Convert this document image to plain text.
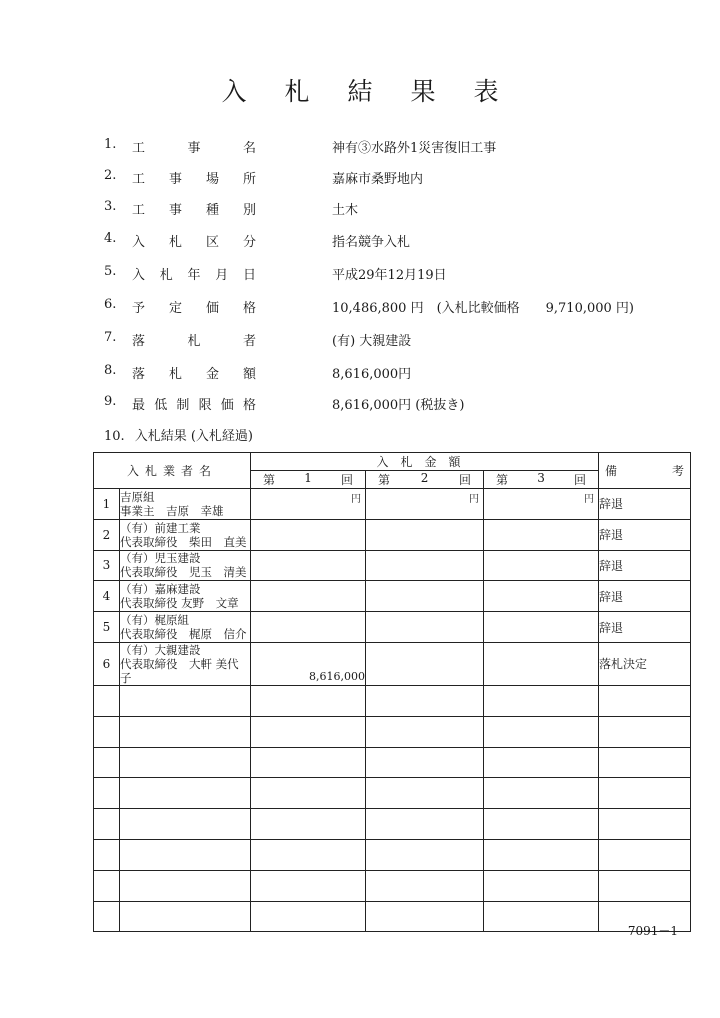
入札結果表
1.	工	事	名	神有③水路外1災害復旧工事
2.	工 事 場 所	嘉麻市桑野地内
3.	工 事 種 別	土木
4.	入 札 区 分	指名競争入札
5.	入 札 年 月 日	平成29年12月19日
6.	予 定 価 格	10,486,800 円　(入札比較価格　　9,710,000 円)
7.	落	札	者	(有) 大親建設
8.	落 札 金 額	8,616,000円
9.	最 低 制 限 価 格	8,616,000円 (税抜き)
10. 入札結果 (入札経過)
入札業者名		入札金額			備 考

		第 1 回	第 2 回	第 3 回	

1	吉原組
事業主　吉原　幸雄	円	円	円	辞退
2	（有）前建工業
代表取締役　柴田　直美				辞退
3	（有）児玉建設
代表取締役　児玉　清美				辞退
4	（有）嘉麻建設
代表取締役 友野　文章				辞退
5	（有）梶原組
代表取締役　梶原　信介				辞退
6	（有）大親建設
代表取締役　大軒 美代子	8,616,000			落札決定

7091－1
